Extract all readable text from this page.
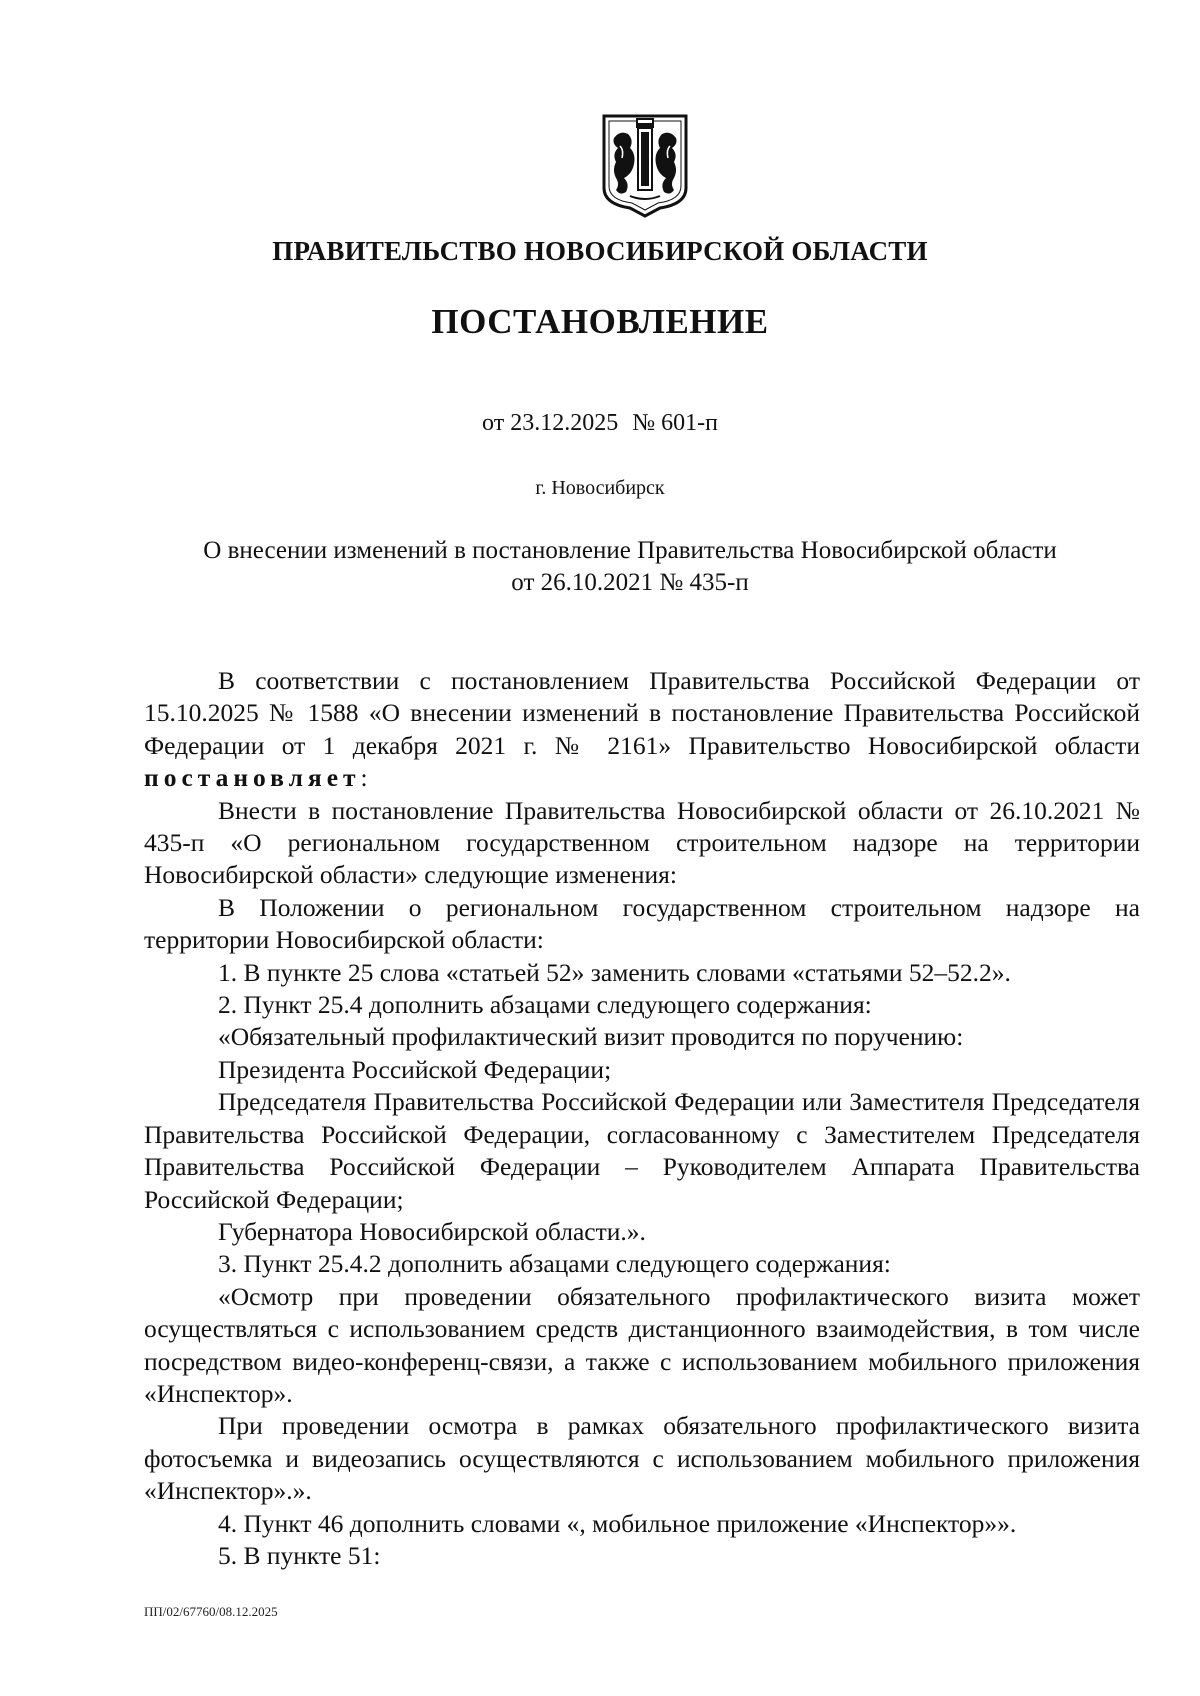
ПРАВИТЕЛЬСТВО НОВОСИБИРСКОЙ ОБЛАСТИ
ПОСТАНОВЛЕНИЕ
от 23.12.2025 № 601-п
г. Новосибирск
О внесении изменений в постановление Правительства Новосибирской области
от 26.10.2021 № 435-п

В соответствии с постановлением Правительства Российской Федерации от 15.10.2025 № 1588 «О внесении изменений в постановление Правительства Российской Федерации от 1 декабря 2021 г. № 2161» Правительство Новосибирской области постановляет:

Внести в постановление Правительства Новосибирской области от 26.10.2021 № 435-п «О региональном государственном строительном надзоре на территории Новосибирской области» следующие изменения:

В Положении о региональном государственном строительном надзоре на территории Новосибирской области:

1. В пункте 25 слова «статьей 52» заменить словами «статьями 52–52.2».

2. Пункт 25.4 дополнить абзацами следующего содержания:

«Обязательный профилактический визит проводится по поручению:

Президента Российской Федерации;

Председателя Правительства Российской Федерации или Заместителя Председателя Правительства Российской Федерации, согласованному с Заместителем Председателя Правительства Российской Федерации – Руководителем Аппарата Правительства Российской Федерации;

Губернатора Новосибирской области.».

3. Пункт 25.4.2 дополнить абзацами следующего содержания:

«Осмотр при проведении обязательного профилактического визита может осуществляться с использованием средств дистанционного взаимодействия, в том числе посредством видео-конференц-связи, а также с использованием мобильного приложения «Инспектор».

При проведении осмотра в рамках обязательного профилактического визита фотосъемка и видеозапись осуществляются с использованием мобильного приложения «Инспектор».».

4. Пункт 46 дополнить словами «, мобильное приложение «Инспектор»».

5. В пункте 51:

ПП/02/67760/08.12.2025
